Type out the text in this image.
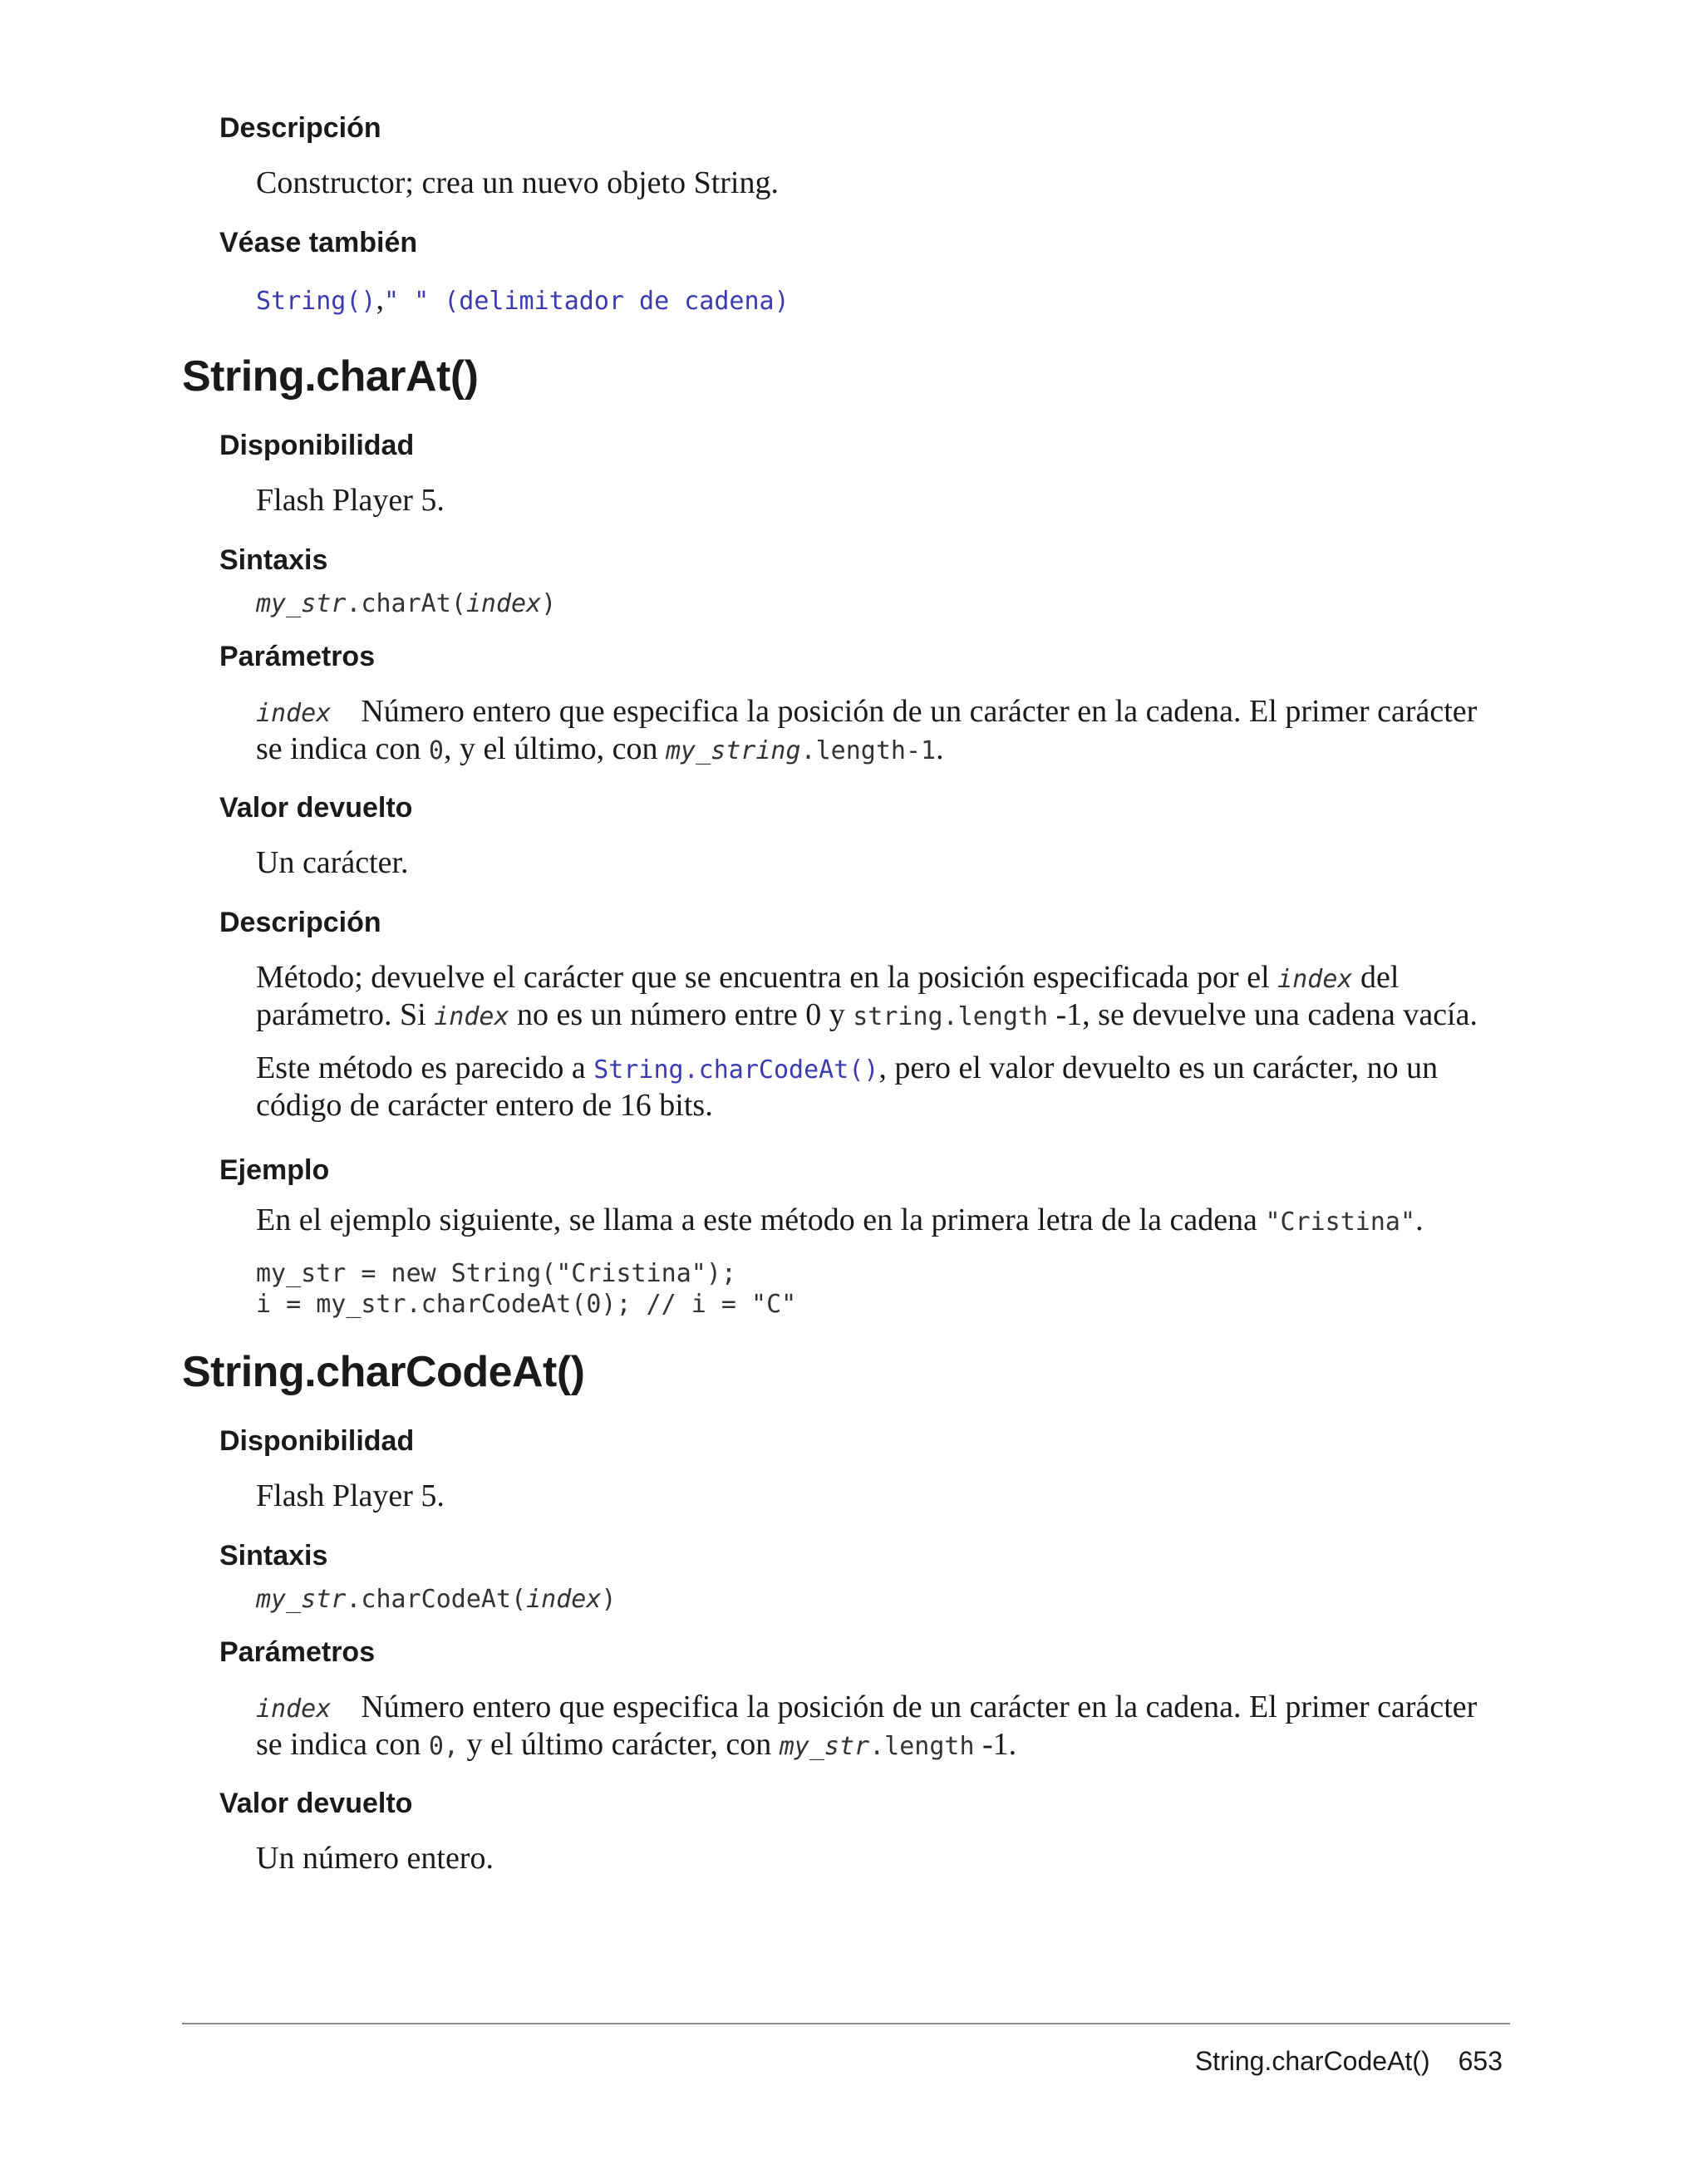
Descripción

Constructor; crea un nuevo objeto String.

Véase también

String()," " (delimitador de cadena)

String.charAt()
Disponibilidad

Flash Player 5.

Sintaxis

my_str.charAt(index)

Parámetros

index Número entero que especifica la posición de un carácter en la cadena. El primer carácter

se indica con 0, y el último, con my_string.length-1.

Valor devuelto

Un carácter.

Descripción

Método; devuelve el carácter que se encuentra en la posición especificada por el index del

parámetro. Si index no es un número entre 0 y string.length -1, se devuelve una cadena vacía.

Este método es parecido a String.charCodeAt(), pero el valor devuelto es un carácter, no un

código de carácter entero de 16 bits.

Ejemplo

En el ejemplo siguiente, se llama a este método en la primera letra de la cadena "Cristina".

my_str = new String("Cristina");
i = my_str.charCodeAt(0); // i = "C"
String.charCodeAt()
Disponibilidad

Flash Player 5.

Sintaxis

my_str.charCodeAt(index)

Parámetros

index Número entero que especifica la posición de un carácter en la cadena. El primer carácter

se indica con 0, y el último carácter, con my_str.length -1.

Valor devuelto

Un número entero.

String.charCodeAt() 653
